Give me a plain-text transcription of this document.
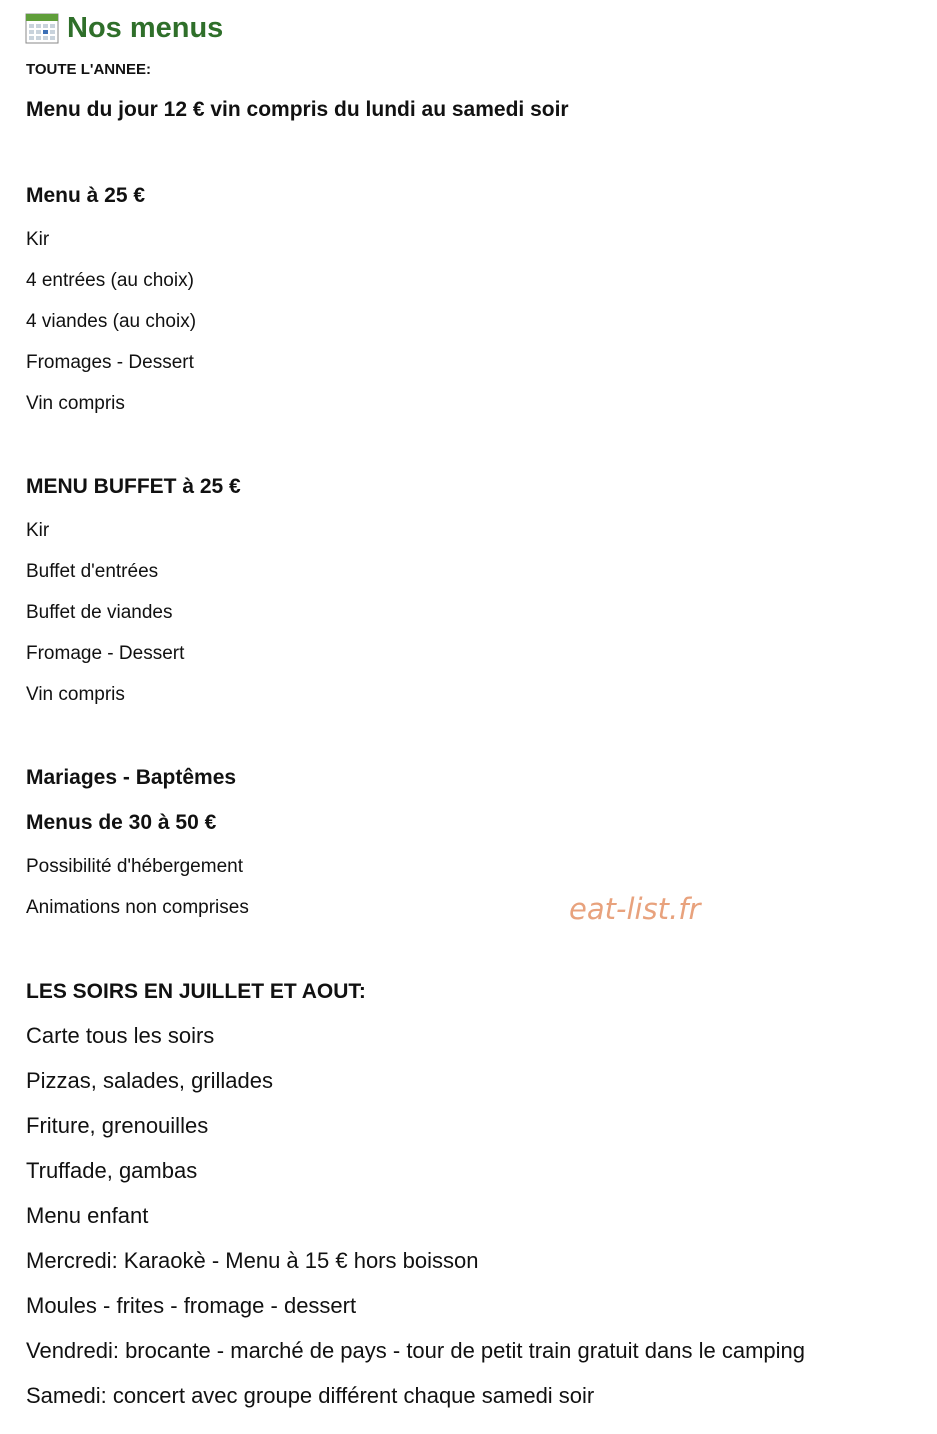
Nos menus
TOUTE L'ANNEE:
Menu du jour 12 € vin compris du lundi au samedi soir
Menu à 25 €
Kir
4 entrées (au choix)
4 viandes (au choix)
Fromages - Dessert
Vin compris
MENU BUFFET à 25 €
Kir
Buffet d'entrées
Buffet de viandes
Fromage - Dessert
Vin compris
Mariages - Baptêmes
Menus de 30 à 50 €
Possibilité d'hébergement
Animations non comprises	eat-list.fr
LES SOIRS EN JUILLET ET AOUT:
Carte tous les soirs
Pizzas, salades, grillades
Friture, grenouilles
Truffade, gambas
Menu enfant
Mercredi: Karaokè - Menu à 15 € hors boisson
Moules - frites - fromage - dessert
Vendredi: brocante - marché de pays - tour de petit train gratuit dans le camping
Samedi: concert avec groupe différent chaque samedi soir
